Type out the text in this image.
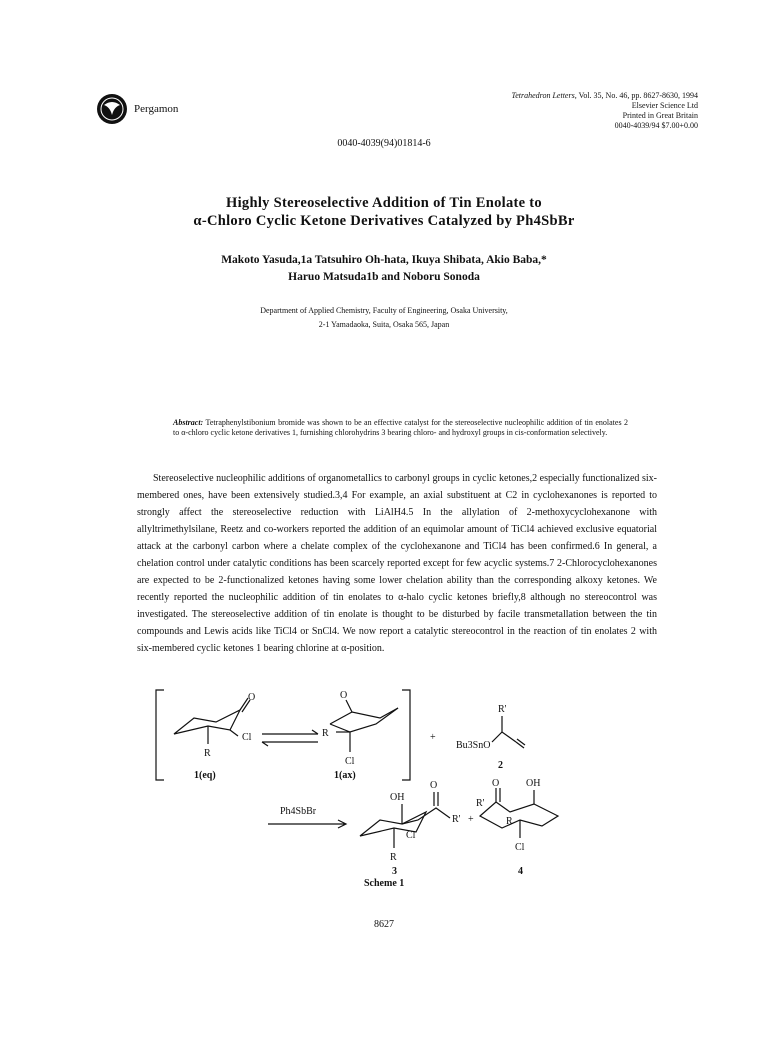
Pergamon
Tetrahedron Letters, Vol. 35, No. 46, pp. 8627-8630, 1994
Elsevier Science Ltd
Printed in Great Britain
0040-4039/94 $7.00+0.00
0040-4039(94)01814-6
Highly Stereoselective Addition of Tin Enolate to
α-Chloro Cyclic Ketone Derivatives Catalyzed by Ph4SbBr
Makoto Yasuda,1a Tatsuhiro Oh-hata, Ikuya Shibata, Akio Baba,*
Haruo Matsuda1b and Noboru Sonoda
Department of Applied Chemistry, Faculty of Engineering, Osaka University,
2-1 Yamadaoka, Suita, Osaka 565, Japan
Abstract: Tetraphenylstibonium bromide was shown to be an effective catalyst for the stereoselective nucleophilic addition of tin enolates 2 to α-chloro cyclic ketone derivatives 1, furnishing chlorohydrins 3 bearing chloro- and hydroxyl groups in cis-conformation selectively.

Stereoselective nucleophilic additions of organometallics to carbonyl groups in cyclic ketones,2 especially functionalized six-membered ones, have been extensively studied.3,4 For example, an axial substituent at C2 in cyclohexanones is reported to strongly affect the stereoselective reduction with LiAlH4.5 In the allylation of 2-methoxycyclohexanone with allyltrimethylsilane, Reetz and co-workers reported the addition of an equimolar amount of TiCl4 achieved exclusive equatorial attack at the carbonyl carbon where a chelate complex of the cyclohexanone and TiCl4 has been confirmed.6 In general, a chelation control under catalytic conditions has been scarcely reported except for few acyclic systems.7 2-Chlorocyclohexanones are expected to be 2-functionalized ketones having some lower chelation ability than the corresponding alkoxy ketones. We recently reported the nucleophilic addition of tin enolates to α-halo cyclic ketones briefly,8 although no stereocontrol was investigated. The stereoselective addition of tin enolate is thought to be disturbed by facile transmetallation between the tin compounds and Lewis acids like TiCl4 or SnCl4. We now report a catalytic stereocontrol in the reaction of tin enolates 2 with six-membered cyclic ketones 1 bearing chlorine at α-position.

O
Cl
R
1(eq)
O
R
Cl
1(ax)
+
R'
Bu3SnO
2
Ph4SbBr
OH
O
Cl
R'
R
3
+
O	OH
R'
R
Cl
4
Scheme 1
8627
